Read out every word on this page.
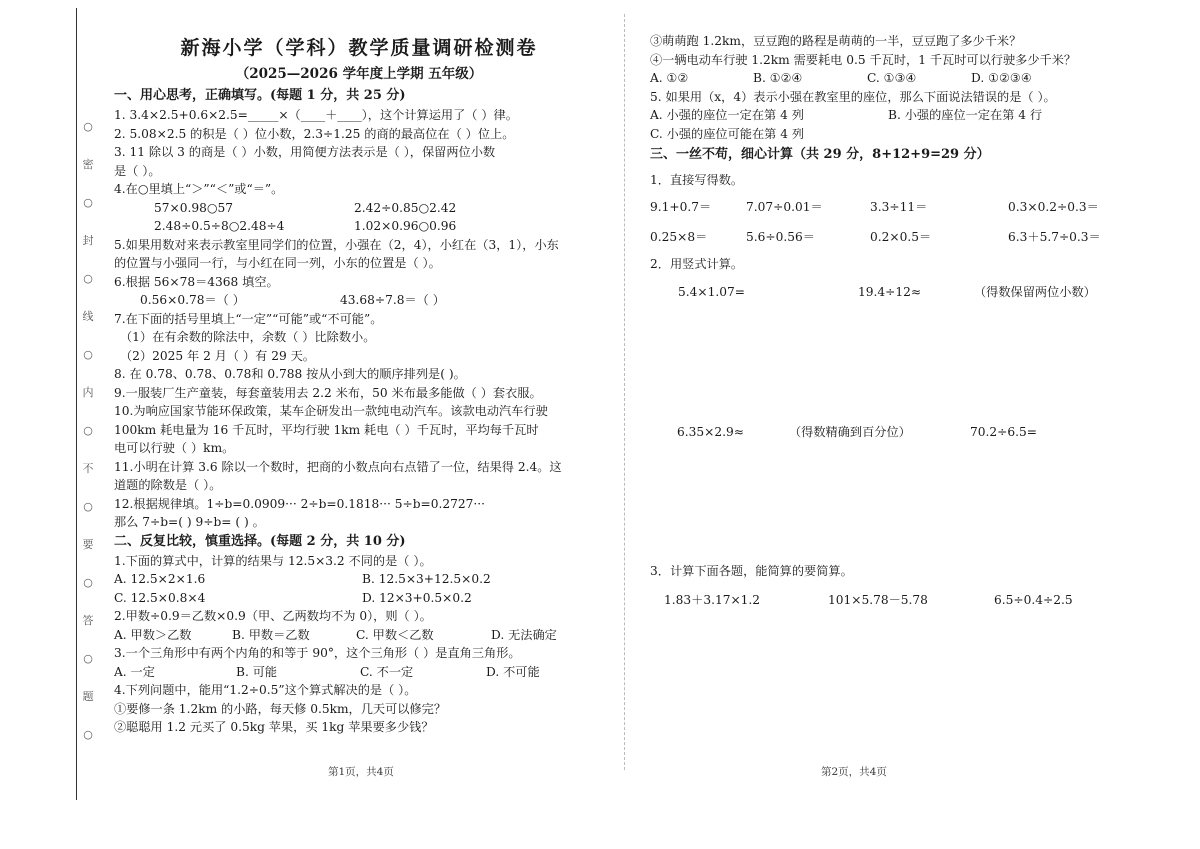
○
密
○
封
○
线
○
内
○
不
○
要
○
答
○
题
○

新海小学（学科）教学质量调研检测卷

（2025—2026 学年度上学期 五年级）

一、用心思考，正确填写。(每题 1 分，共 25 分)

1. 3.4×2.5+0.6×2.5=_____×（____＋____），这个计算运用了（ ）律。

2. 5.08×2.5 的积是（ ）位小数，2.3÷1.25 的商的最高位在（ ）位上。

3. 11 除以 3 的商是（ ）小数，用简便方法表示是（ ），保留两位小数

是（ ）。

4.在○里填上“＞”“＜”或“＝”。

57×0.98○57	2.42÷0.85○2.42
2.48÷0.5÷8○2.48÷4	1.02×0.96○0.96

5.如果用数对来表示教室里同学们的位置，小强在（2，4），小红在（3，1），小东

的位置与小强同一行，与小红在同一列，小东的位置是（ ）。

6.根据 56×78＝4368 填空。

0.56×0.78＝（ ）	43.68÷7.8＝（ ）

7.在下面的括号里填上“一定”“可能”或“不可能”。

（1）在有余数的除法中，余数（ ）比除数小。

（2）2025 年 2 月（ ）有 29 天。

8. 在 0.78、0.78、0.78和 0.788 按从小到大的顺序排列是( )。

9.一服装厂生产童装，每套童装用去 2.2 米布，50 米布最多能做（ ）套衣服。

10.为响应国家节能环保政策，某车企研发出一款纯电动汽车。该款电动汽车行驶

100km 耗电量为 16 千瓦时，平均行驶 1km 耗电（ ）千瓦时，平均每千瓦时

电可以行驶（ ）km。

11.小明在计算 3.6 除以一个数时，把商的小数点向右点错了一位，结果得 2.4。这

道题的除数是（ ）。

12.根据规律填。1÷b=0.0909··· 2÷b=0.1818··· 5÷b=0.2727···

那么 7÷b=( ) 9÷b= ( ) 。

二、反复比较，慎重选择。(每题 2 分，共 10 分)

1.下面的算式中，计算的结果与 12.5×3.2 不同的是（ ）。

A. 12.5×2×1.6	B. 12.5×3+12.5×0.2
C. 12.5×0.8×4	D. 12×3+0.5×0.2

2.甲数÷0.9＝乙数×0.9（甲、乙两数均不为 0），则（ ）。

A. 甲数＞乙数	B. 甲数＝乙数	C. 甲数＜乙数	D. 无法确定

3.一个三角形中有两个内角的和等于 90°，这个三角形（ ）是直角三角形。

A. 一定	B. 可能	C. 不一定	D. 不可能

4.下列问题中，能用“1.2÷0.5”这个算式解决的是（ ）。

①要修一条 1.2km 的小路，每天修 0.5km，几天可以修完？

②聪聪用 1.2 元买了 0.5kg 苹果，买 1kg 苹果要多少钱？

第1页，共4页

③萌萌跑 1.2km，豆豆跑的路程是萌萌的一半，豆豆跑了多少千米？

④一辆电动车行驶 1.2km 需要耗电 0.5 千瓦时，1 千瓦时可以行驶多少千米？

A. ①②	B. ①②④	C. ①③④	D. ①②③④

5. 如果用（x，4）表示小强在教室里的座位，那么下面说法错误的是（ ）。

A. 小强的座位一定在第 4 列	B. 小强的座位一定在第 4 行

C. 小强的座位可能在第 4 列

三、一丝不苟，细心计算（共 29 分，8+12+9=29 分）

1．直接写得数。

9.1+0.7＝	7.07÷0.01＝	3.3÷11＝	0.3×0.2÷0.3＝
0.25×8＝	5.6÷0.56＝	0.2×0.5＝	6.3＋5.7÷0.3＝

2．用竖式计算。

5.4×1.07=	19.4÷12≈	（得数保留两位小数）
6.35×2.9≈	（得数精确到百分位）	70.2÷6.5=

3．计算下面各题，能简算的要简算。

1.83＋3.17×1.2	101×5.78－5.78	6.5÷0.4÷2.5
第2页，共4页
